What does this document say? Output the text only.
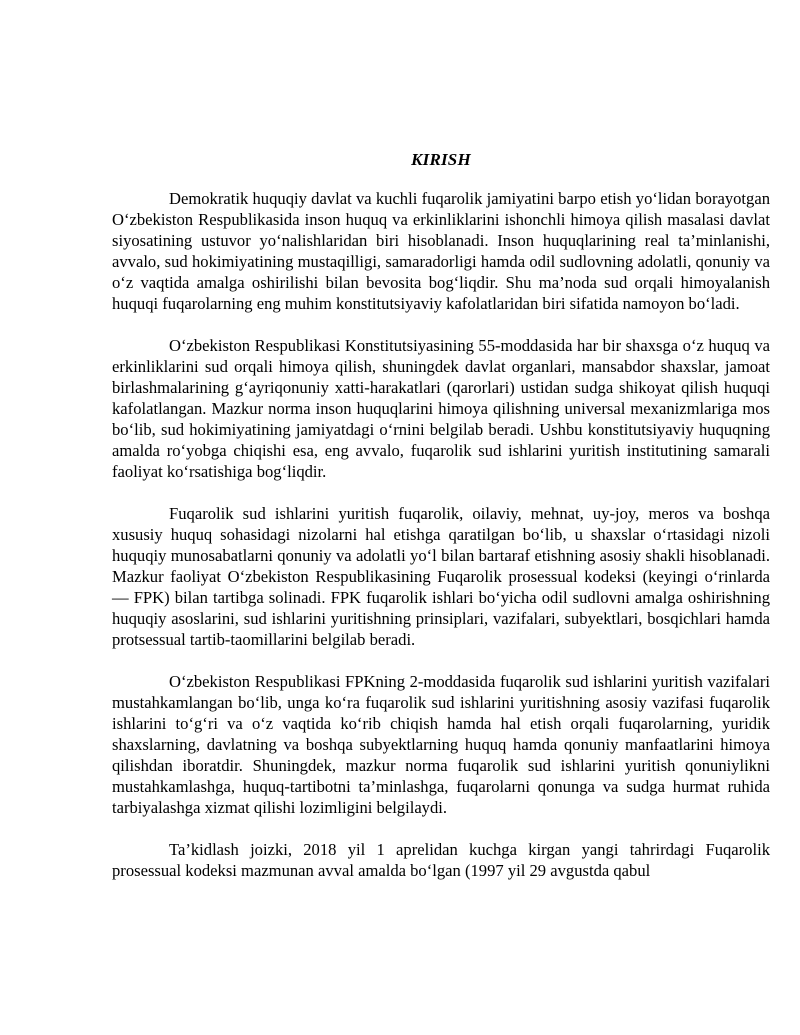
KIRISH

Demokratik huquqiy davlat va kuchli fuqarolik jamiyatini barpo etish yo‘lidan borayotgan O‘zbekiston Respublikasida inson huquq va erkinliklarini ishonchli himoya qilish masalasi davlat siyosatining ustuvor yo‘nalishlaridan biri hisoblanadi. Inson huquqlarining real ta’minlanishi, avvalo, sud hokimiyatining mustaqilligi, samaradorligi hamda odil sudlovning adolatli, qonuniy va o‘z vaqtida amalga oshirilishi bilan bevosita bog‘liqdir. Shu ma’noda sud orqali himoyalanish huquqi fuqarolarning eng muhim konstitutsiyaviy kafolatlaridan biri sifatida namoyon bo‘ladi.

O‘zbekiston Respublikasi Konstitutsiyasining 55-moddasida har bir shaxsga o‘z huquq va erkinliklarini sud orqali himoya qilish, shuningdek davlat organlari, mansabdor shaxslar, jamoat birlashmalarining g‘ayriqonuniy xatti-harakatlari (qarorlari) ustidan sudga shikoyat qilish huquqi kafolatlangan. Mazkur norma inson huquqlarini himoya qilishning universal mexanizmlariga mos bo‘lib, sud hokimiyatining jamiyatdagi o‘rnini belgilab beradi. Ushbu konstitutsiyaviy huquqning amalda ro‘yobga chiqishi esa, eng avvalo, fuqarolik sud ishlarini yuritish institutining samarali faoliyat ko‘rsatishiga bog‘liqdir.

Fuqarolik sud ishlarini yuritish fuqarolik, oilaviy, mehnat, uy-joy, meros va boshqa xususiy huquq sohasidagi nizolarni hal etishga qaratilgan bo‘lib, u shaxslar o‘rtasidagi nizoli huquqiy munosabatlarni qonuniy va adolatli yo‘l bilan bartaraf etishning asosiy shakli hisoblanadi. Mazkur faoliyat O‘zbekiston Respublikasining Fuqarolik prosessual kodeksi (keyingi o‘rinlarda — FPK) bilan tartibga solinadi. FPK fuqarolik ishlari bo‘yicha odil sudlovni amalga oshirishning huquqiy asoslarini, sud ishlarini yuritishning prinsiplari, vazifalari, subyektlari, bosqichlari hamda protsessual tartib-taomillarini belgilab beradi.

O‘zbekiston Respublikasi FPKning 2-moddasida fuqarolik sud ishlarini yuritish vazifalari mustahkamlangan bo‘lib, unga ko‘ra fuqarolik sud ishlarini yuritishning asosiy vazifasi fuqarolik ishlarini to‘g‘ri va o‘z vaqtida ko‘rib chiqish hamda hal etish orqali fuqarolarning, yuridik shaxslarning, davlatning va boshqa subyektlarning huquq hamda qonuniy manfaatlarini himoya qilishdan iboratdir. Shuningdek, mazkur norma fuqarolik sud ishlarini yuritish qonuniylikni mustahkamlashga, huquq-tartibotni ta’minlashga, fuqarolarni qonunga va sudga hurmat ruhida tarbiyalashga xizmat qilishi lozimligini belgilaydi.

Ta’kidlash joizki, 2018 yil 1 aprelidan kuchga kirgan yangi tahrirdagi Fuqarolik prosessual kodeksi mazmunan avval amalda bo‘lgan (1997 yil 29 avgustda qabul
